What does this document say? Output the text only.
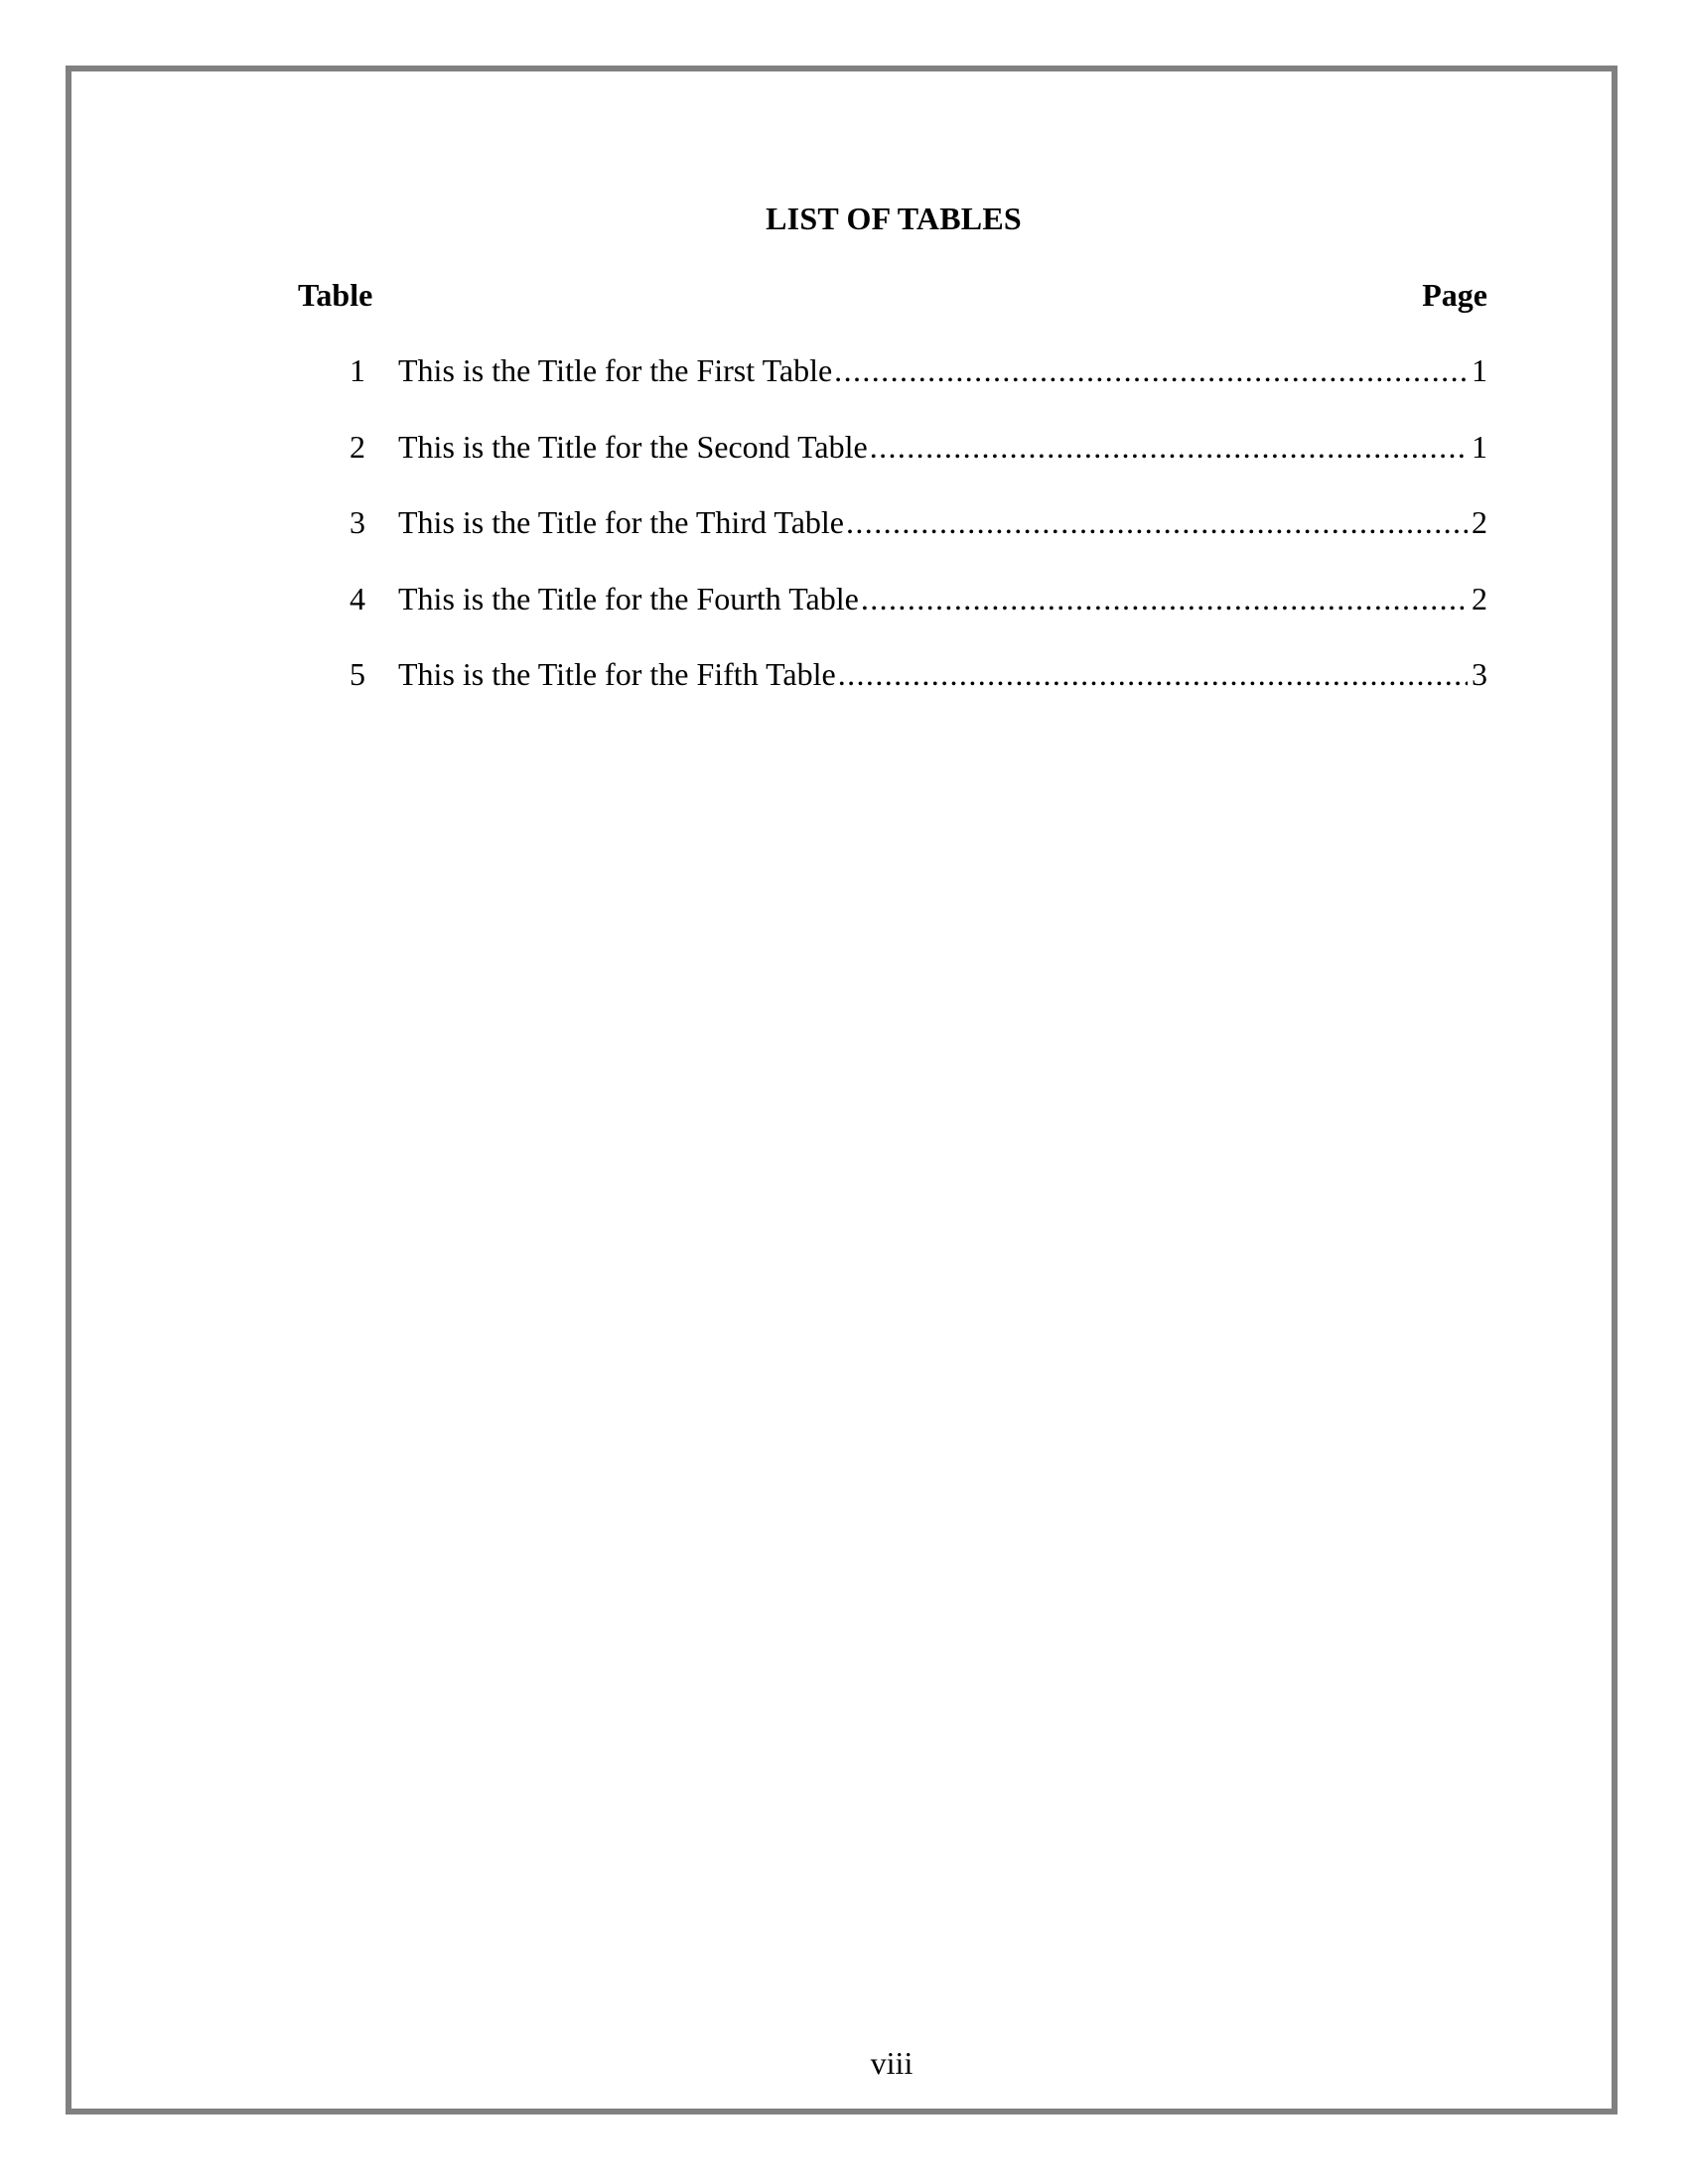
LIST OF TABLES
Table	Page
1	This is the Title for the First Table .....	1
2	This is the Title for the Second Table .....	1
3	This is the Title for the Third Table .....	2
4	This is the Title for the Fourth Table .....	2
5	This is the Title for the Fifth Table .....	3
viii
